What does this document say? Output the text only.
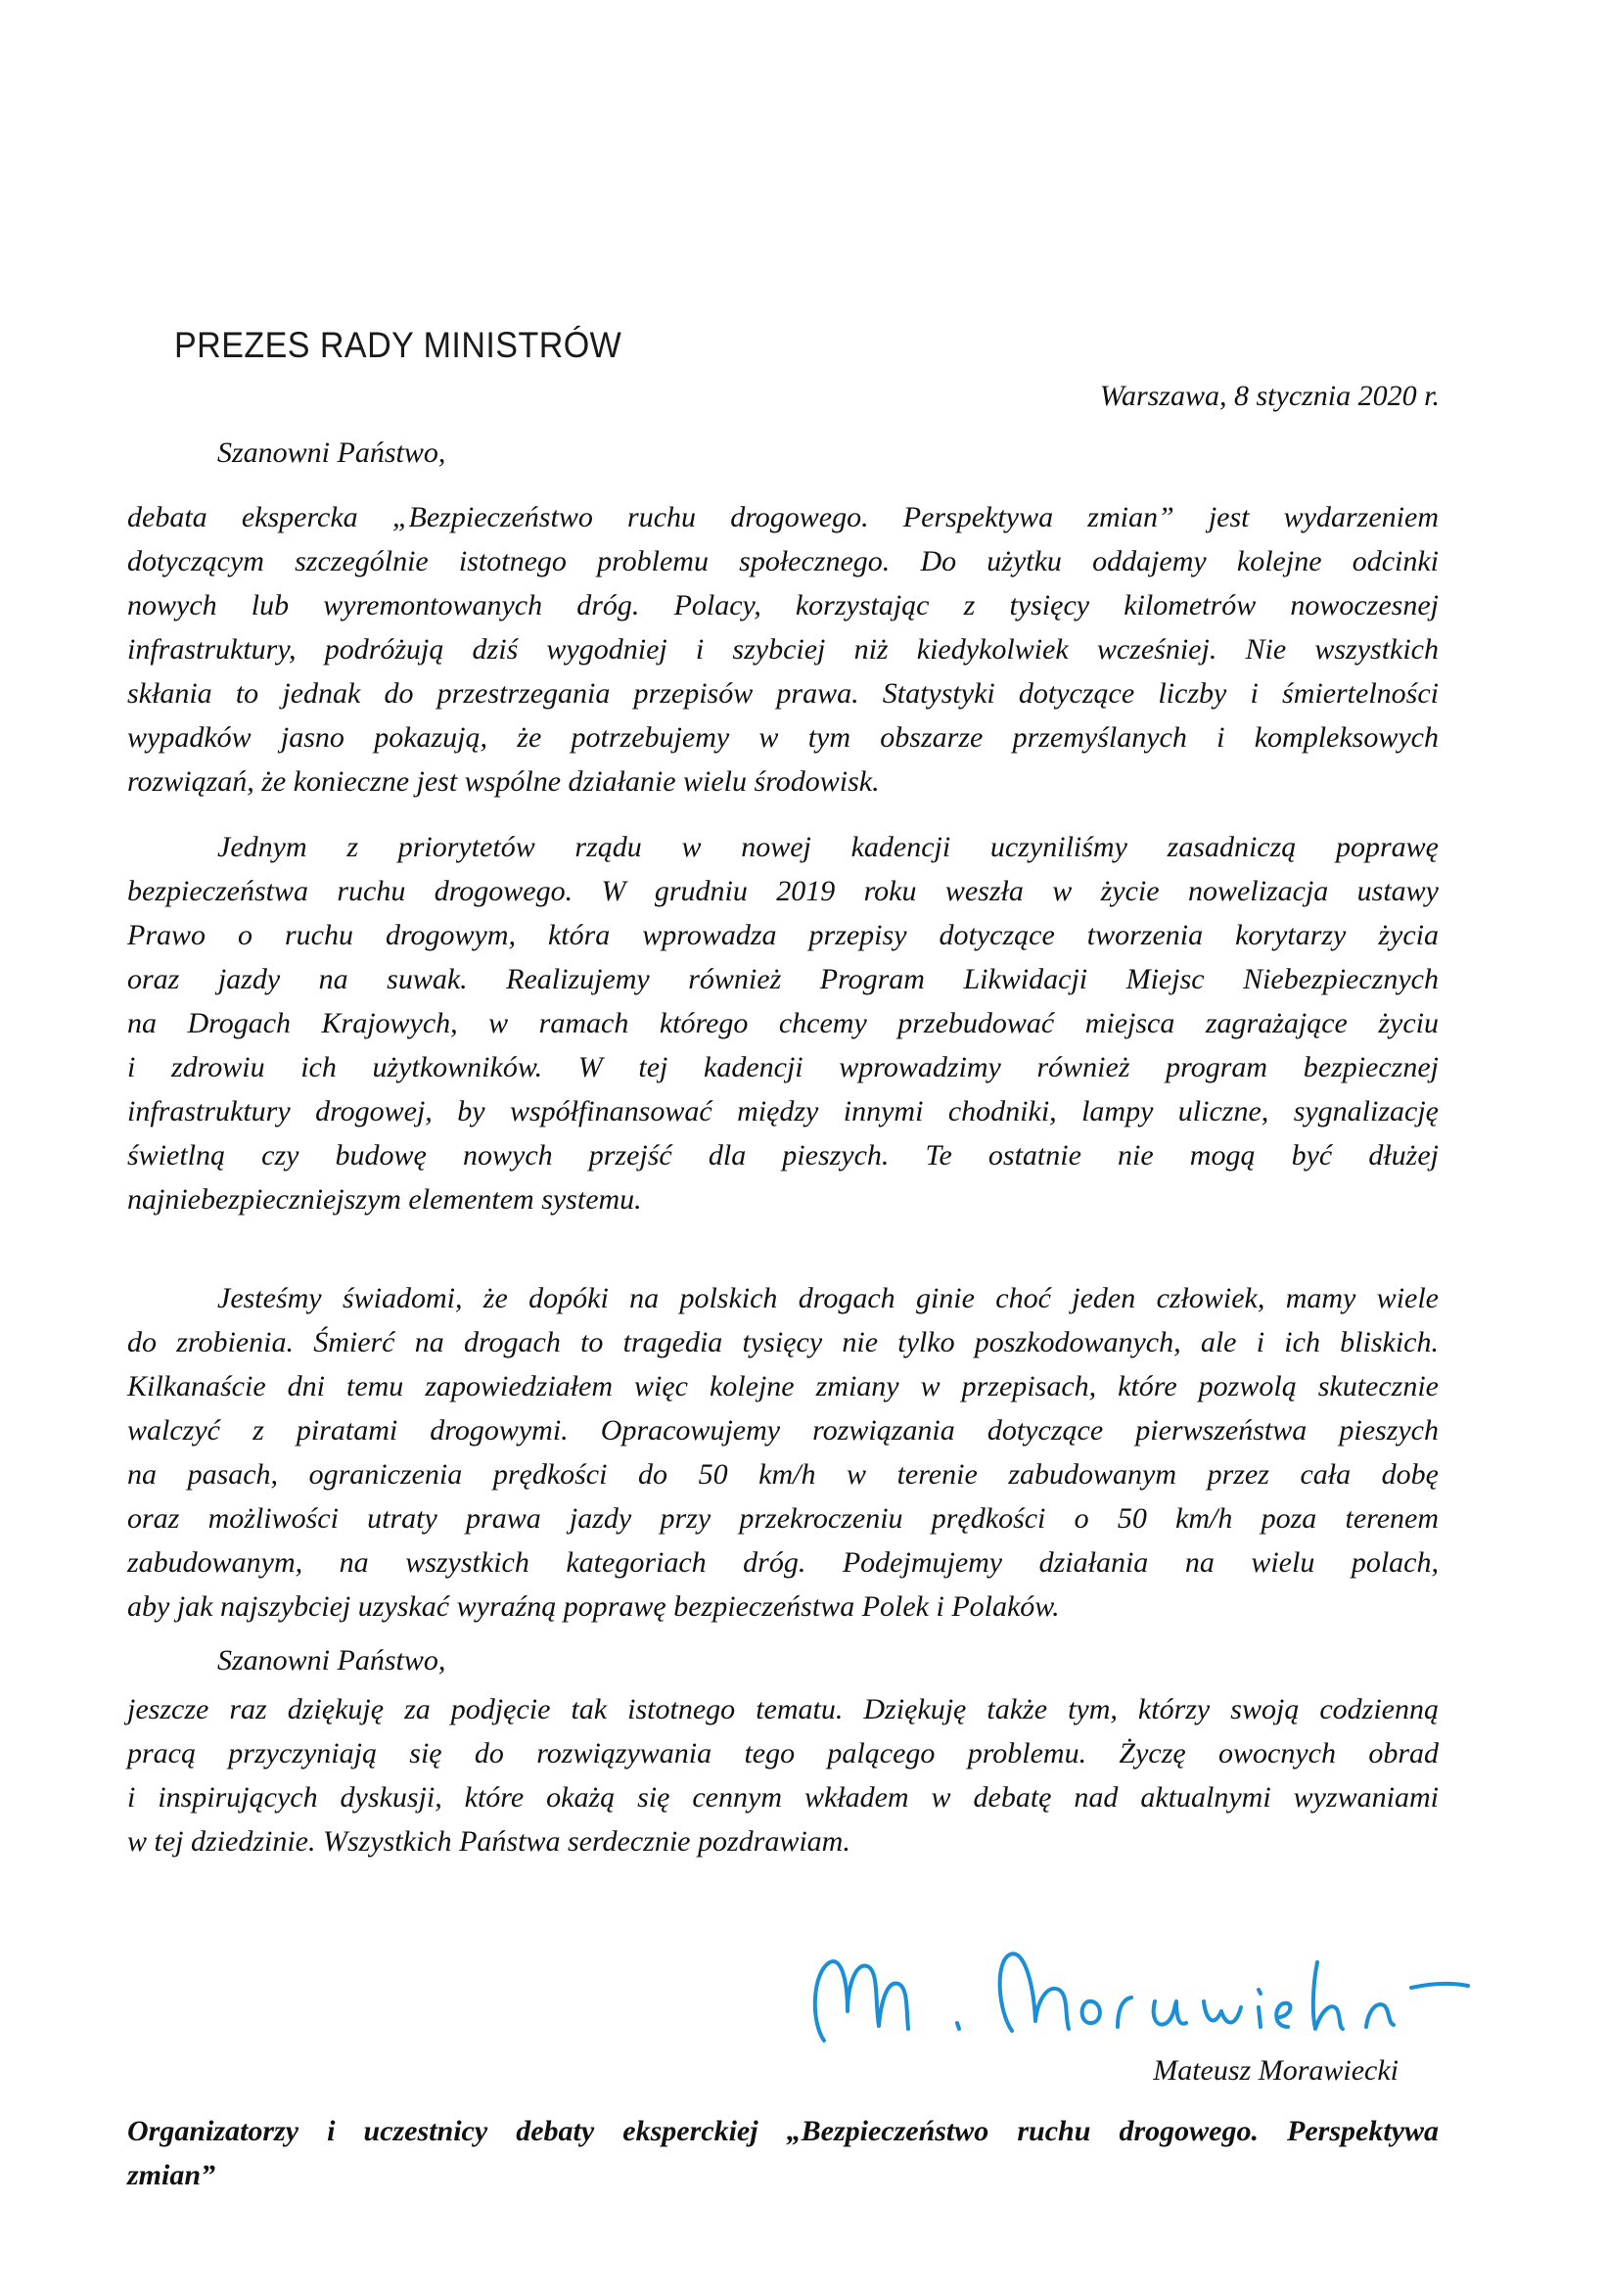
PREZES RADY MINISTRÓW
Warszawa, 8 stycznia 2020 r.
Szanowni Państwo,
debata ekspercka „Bezpieczeństwo ruchu drogowego. Perspektywa zmian” jest wydarzeniem
dotyczącym szczególnie istotnego problemu społecznego. Do użytku oddajemy kolejne odcinki
nowych lub wyremontowanych dróg. Polacy, korzystając z tysięcy kilometrów nowoczesnej
infrastruktury, podróżują dziś wygodniej i szybciej niż kiedykolwiek wcześniej. Nie wszystkich
skłania to jednak do przestrzegania przepisów prawa. Statystyki dotyczące liczby i śmiertelności
wypadków jasno pokazują, że potrzebujemy w tym obszarze przemyślanych i kompleksowych
rozwiązań, że konieczne jest wspólne działanie wielu środowisk.
Jednym z priorytetów rządu w nowej kadencji uczyniliśmy zasadniczą poprawę
bezpieczeństwa ruchu drogowego. W grudniu 2019 roku weszła w życie nowelizacja ustawy
Prawo o ruchu drogowym, która wprowadza przepisy dotyczące tworzenia korytarzy życia
oraz jazdy na suwak. Realizujemy również Program Likwidacji Miejsc Niebezpiecznych
na Drogach Krajowych, w ramach którego chcemy przebudować miejsca zagrażające życiu
i zdrowiu ich użytkowników. W tej kadencji wprowadzimy również program bezpiecznej
infrastruktury drogowej, by współfinansować między innymi chodniki, lampy uliczne, sygnalizację
świetlną czy budowę nowych przejść dla pieszych. Te ostatnie nie mogą być dłużej
najniebezpieczniejszym elementem systemu.
Jesteśmy świadomi, że dopóki na polskich drogach ginie choć jeden człowiek, mamy wiele
do zrobienia. Śmierć na drogach to tragedia tysięcy nie tylko poszkodowanych, ale i ich bliskich.
Kilkanaście dni temu zapowiedziałem więc kolejne zmiany w przepisach, które pozwolą skutecznie
walczyć z piratami drogowymi. Opracowujemy rozwiązania dotyczące pierwszeństwa pieszych
na pasach, ograniczenia prędkości do 50 km/h w terenie zabudowanym przez cała dobę
oraz możliwości utraty prawa jazdy przy przekroczeniu prędkości o 50 km/h poza terenem
zabudowanym, na wszystkich kategoriach dróg. Podejmujemy działania na wielu polach,
aby jak najszybciej uzyskać wyraźną poprawę bezpieczeństwa Polek i Polaków.
Szanowni Państwo,
jeszcze raz dziękuję za podjęcie tak istotnego tematu. Dziękuję także tym, którzy swoją codzienną
pracą przyczyniają się do rozwiązywania tego palącego problemu. Życzę owocnych obrad
i inspirujących dyskusji, które okażą się cennym wkładem w debatę nad aktualnymi wyzwaniami
w tej dziedzinie. Wszystkich Państwa serdecznie pozdrawiam.
Mateusz Morawiecki
Organizatorzy i uczestnicy debaty eksperckiej „Bezpieczeństwo ruchu drogowego. Perspektywa
zmian”
